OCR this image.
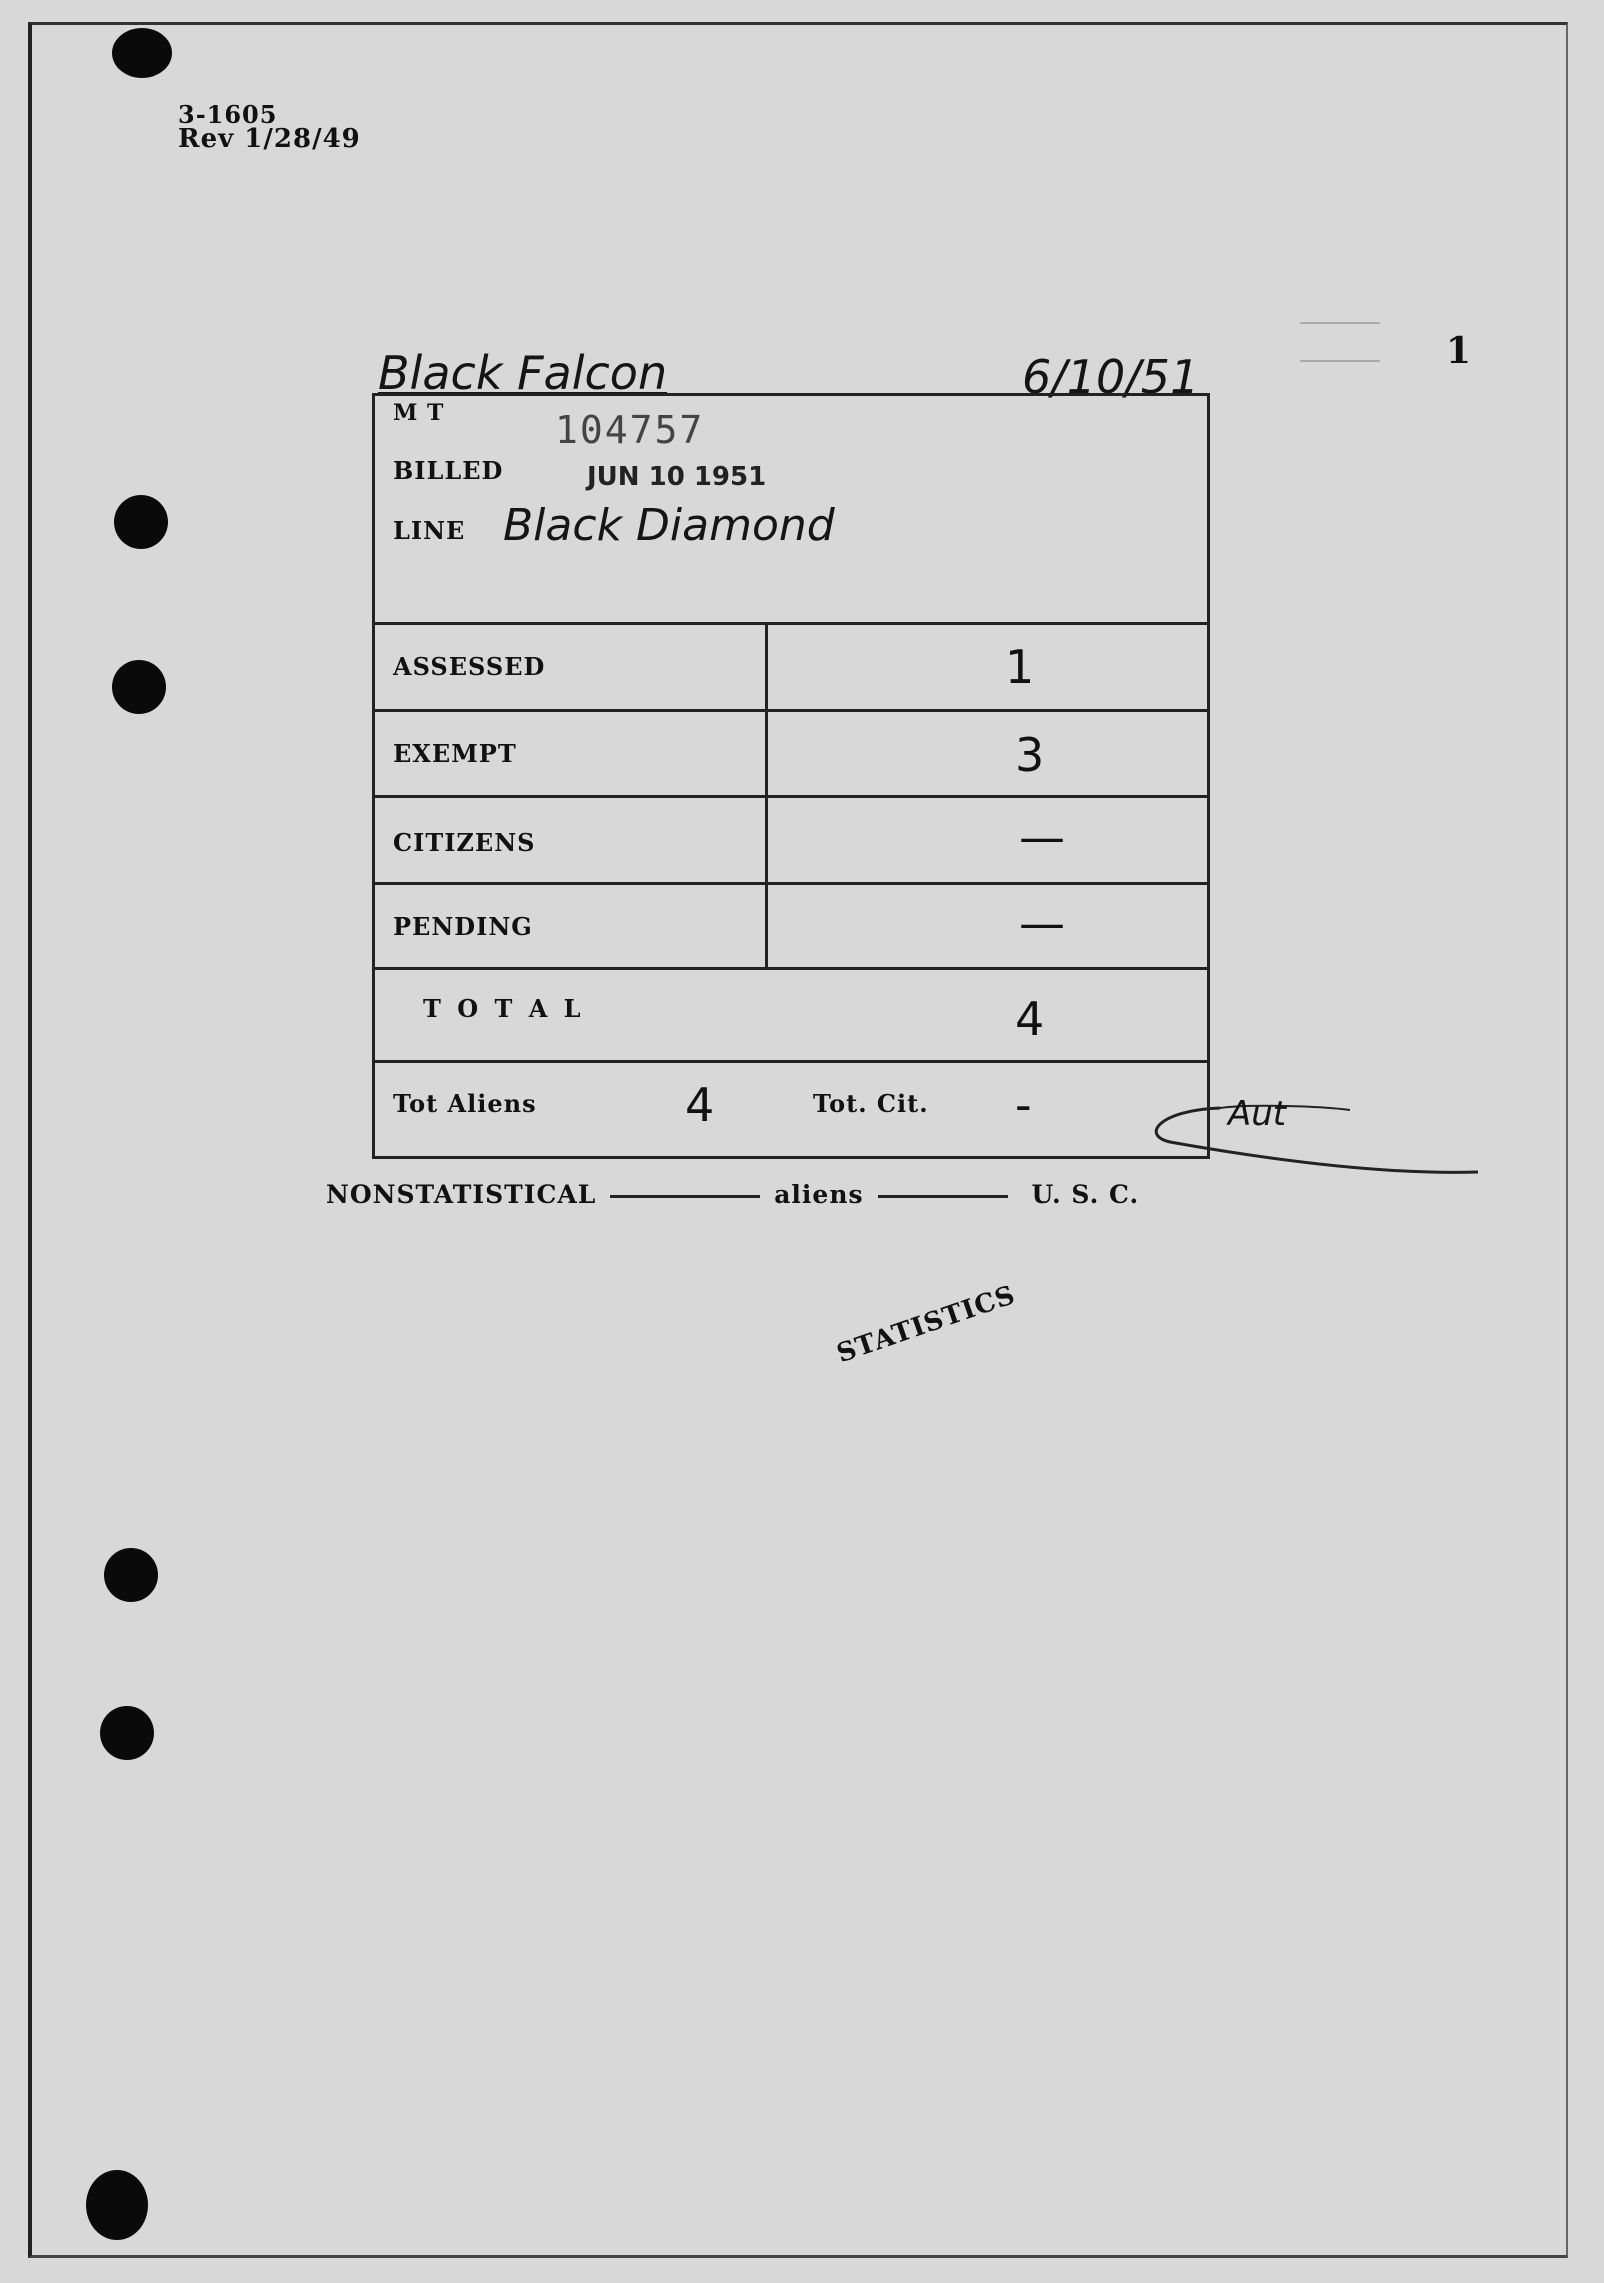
3-1605
Rev 1/28/49
1
Black Falcon	6/10/51
M T	104757
BILLED	JUN 10 1951
LINE Black Diamond
ASSESSED	1
EXEMPT	3
CITIZENS	—
PENDING	—
T O T A L	4
Tot Aliens	4	Tot. Cit. -	Aut
NONSTATISTICAL	aliens	U. S. C.
STATISTICS
